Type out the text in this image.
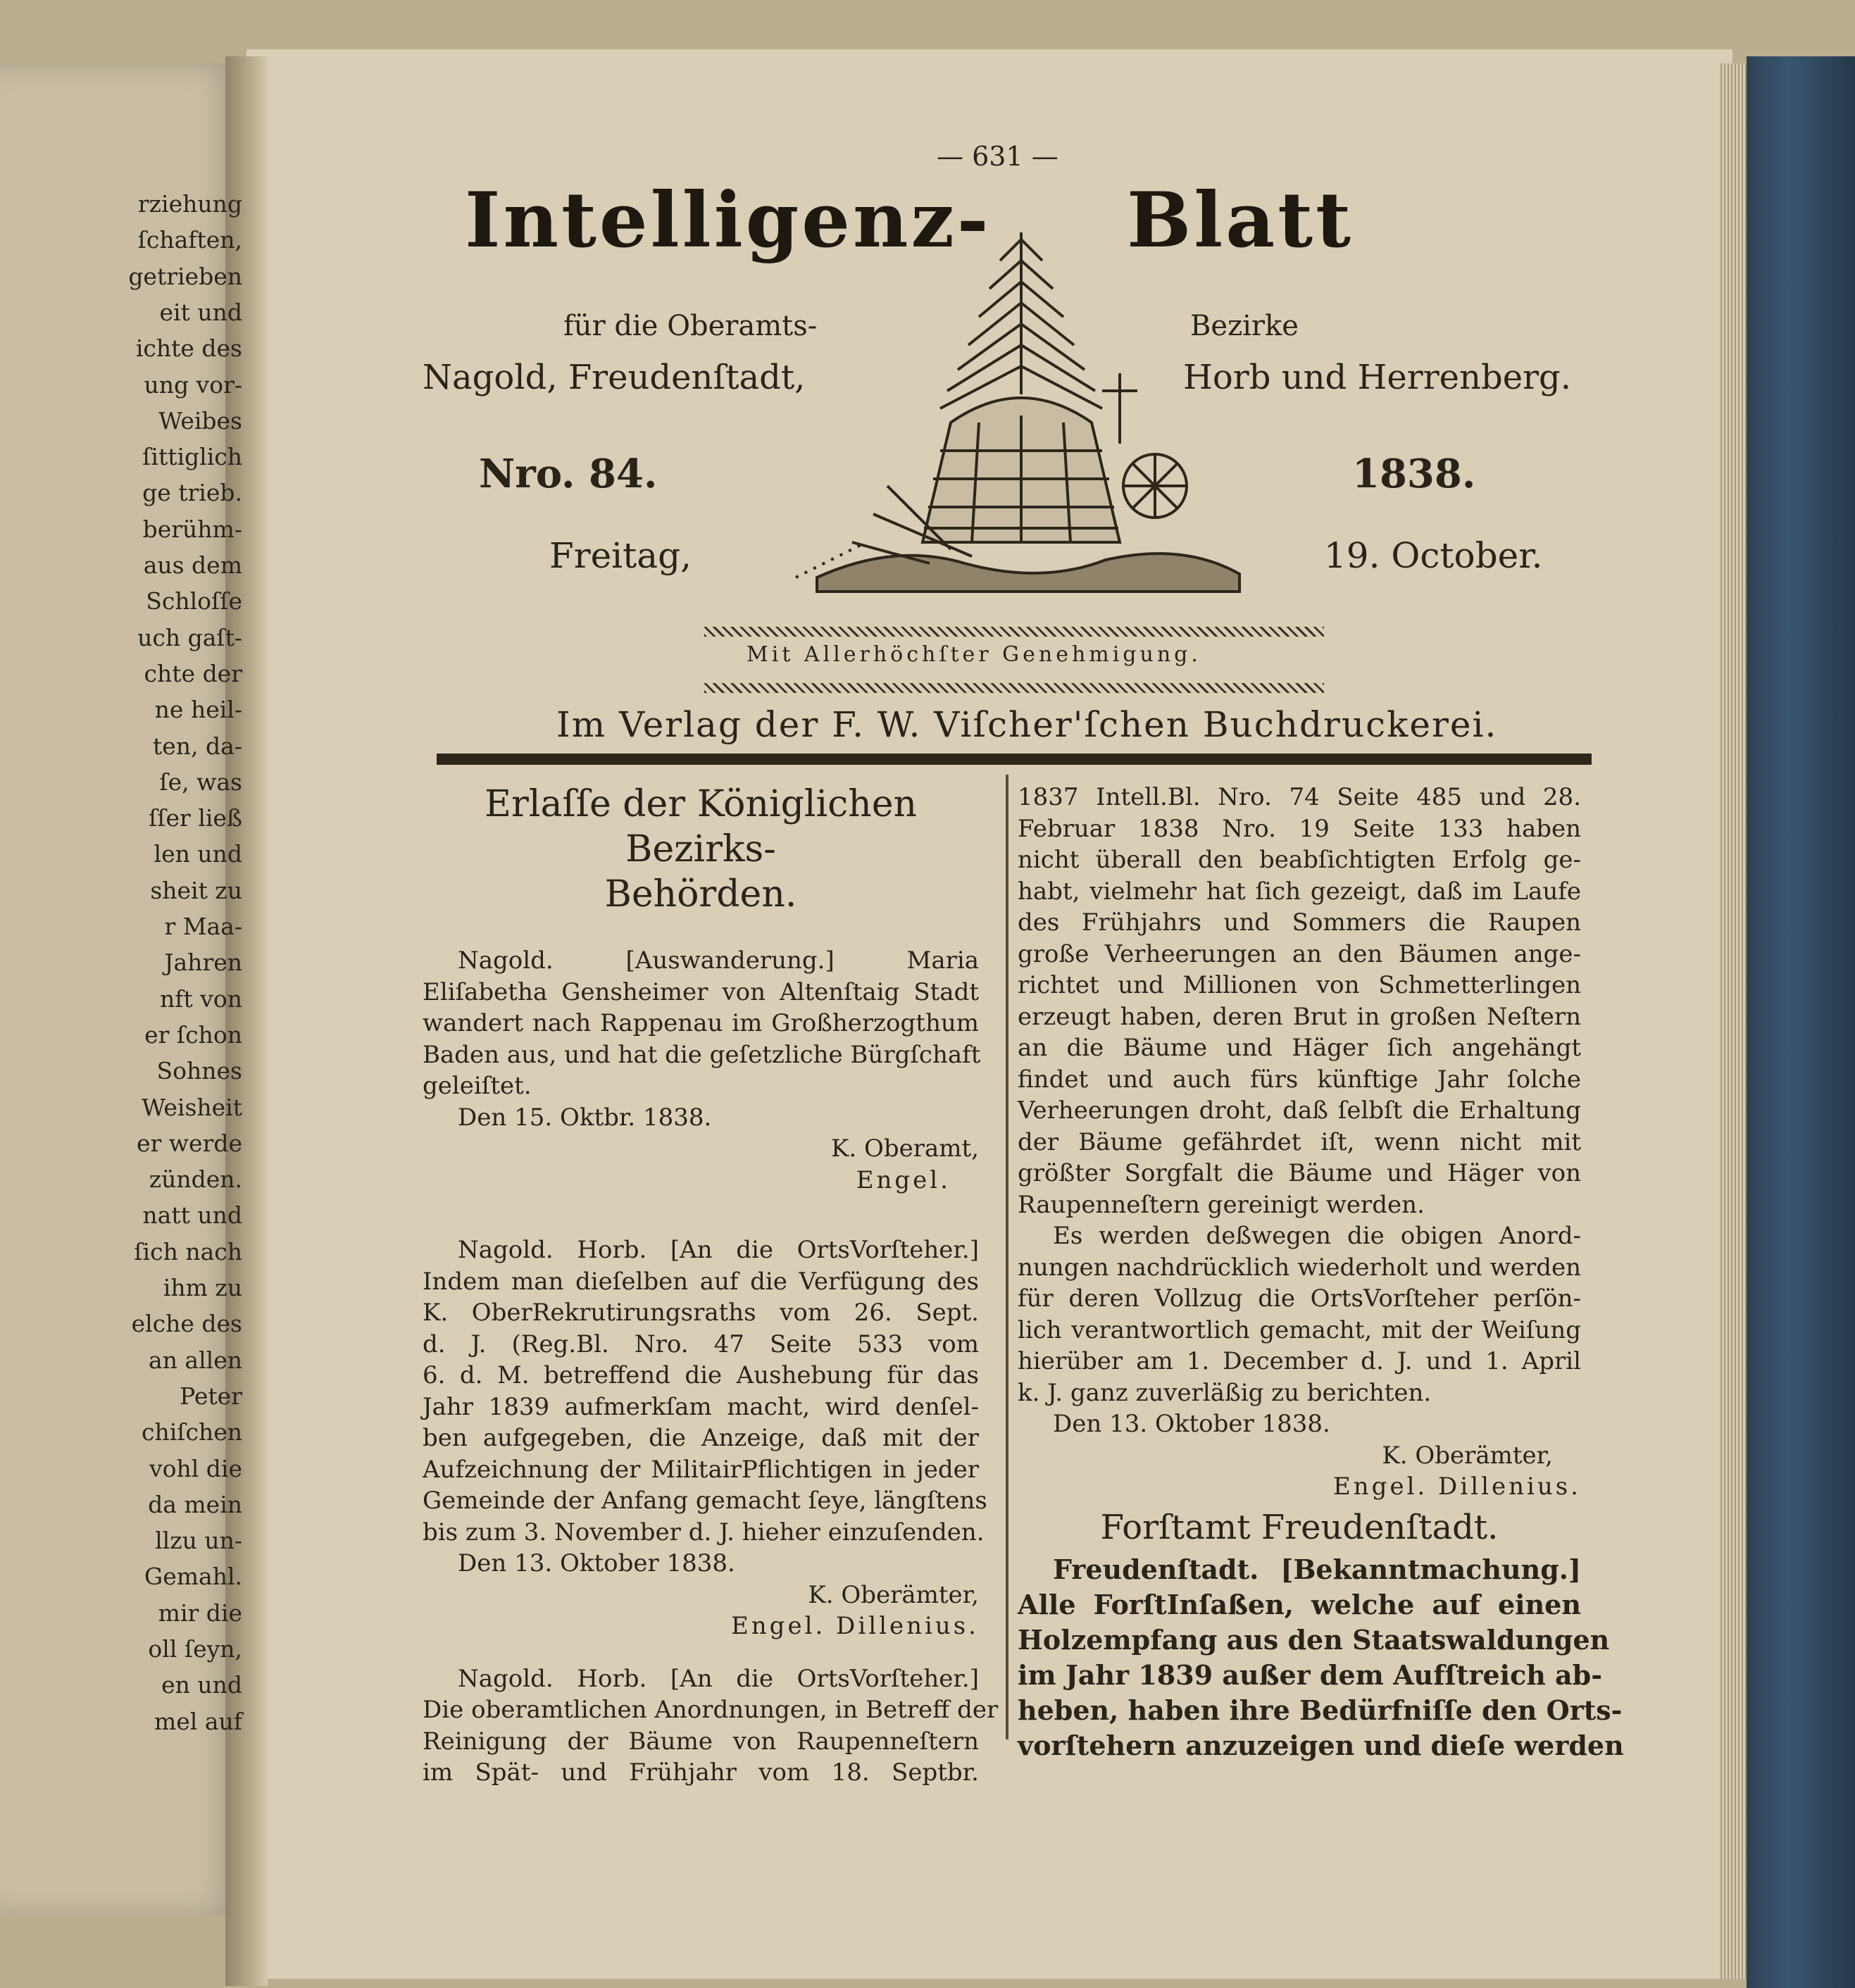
rziehung
ſchaften,
getrieben
eit und
ichte des
ung vor-
Weibes
ſittiglich
ge trieb.
berühm-
aus dem
Schloſſe
uch gaſt-
chte der
ne heil-
ten, da-
ſe, was
ſſer ließ
len und
sheit zu
r Maa-
Jahren
nft von
er ſchon
Sohnes
Weisheit
er werde
zünden.
natt und
ſich nach
ihm zu
elche des
an allen
Peter
chiſchen
vohl die
da mein
llzu un-
Gemahl.
mir die
oll ſeyn,
en und
mel auf
— 631 —
Intelligenz- Blatt
für die Oberamts-	Bezirke
Nagold, Freudenſtadt,	Horb und Herrenberg.
Nro. 84.	1838.
Freitag,	19. October.
Mit Allerhöchſter Genehmigung.
Im Verlag der F. W. Viſcher'ſchen Buchdruckerei.
Erlaſſe der Königlichen Bezirks-
Behörden.
Nagold. [Auswanderung.] Maria
Eliſabetha Gensheimer von Altenſtaig Stadt
wandert nach Rappenau im Großherzogthum
Baden aus, und hat die geſetzliche Bürgſchaft
geleiſtet.
Den 15. Oktbr. 1838.
K. Oberamt,
Engel.
Nagold. Horb. [An die OrtsVorſteher.]
Indem man dieſelben auf die Verfügung des
K. OberRekrutirungsraths vom 26. Sept.
d. J. (Reg.Bl. Nro. 47 Seite 533 vom
6. d. M. betreffend die Aushebung für das
Jahr 1839 aufmerkſam macht, wird denſel-
ben aufgegeben, die Anzeige, daß mit der
Aufzeichnung der MilitairPflichtigen in jeder
Gemeinde der Anfang gemacht ſeye, längſtens
bis zum 3. November d. J. hieher einzuſenden.
Den 13. Oktober 1838.
K. Oberämter,
Engel. Dillenius.
Nagold. Horb. [An die OrtsVorſteher.]
Die oberamtlichen Anordnungen, in Betreff der
Reinigung der Bäume von Raupenneſtern
im Spät- und Frühjahr vom 18. Septbr.
1837 Intell.Bl. Nro. 74 Seite 485 und 28.
Februar 1838 Nro. 19 Seite 133 haben
nicht überall den beabſichtigten Erfolg ge-
habt, vielmehr hat ſich gezeigt, daß im Laufe
des Frühjahrs und Sommers die Raupen
große Verheerungen an den Bäumen ange-
richtet und Millionen von Schmetterlingen
erzeugt haben, deren Brut in großen Neſtern
an die Bäume und Häger ſich angehängt
findet und auch fürs künftige Jahr ſolche
Verheerungen droht, daß ſelbſt die Erhaltung
der Bäume gefährdet iſt, wenn nicht mit
größter Sorgfalt die Bäume und Häger von
Raupenneſtern gereinigt werden.
Es werden deßwegen die obigen Anord-
nungen nachdrücklich wiederholt und werden
für deren Vollzug die OrtsVorſteher perſön-
lich verantwortlich gemacht, mit der Weiſung
hierüber am 1. December d. J. und 1. April
k. J. ganz zuverläßig zu berichten.
Den 13. Oktober 1838.
K. Oberämter,
Engel. Dillenius.
Forſtamt Freudenſtadt.
Freudenſtadt. [Bekanntmachung.]
Alle ForſtInſaßen, welche auf einen
Holzempfang aus den Staatswaldungen
im Jahr 1839 außer dem Aufſtreich ab-
heben, haben ihre Bedürfniſſe den Orts-
vorſtehern anzuzeigen und dieſe werden
